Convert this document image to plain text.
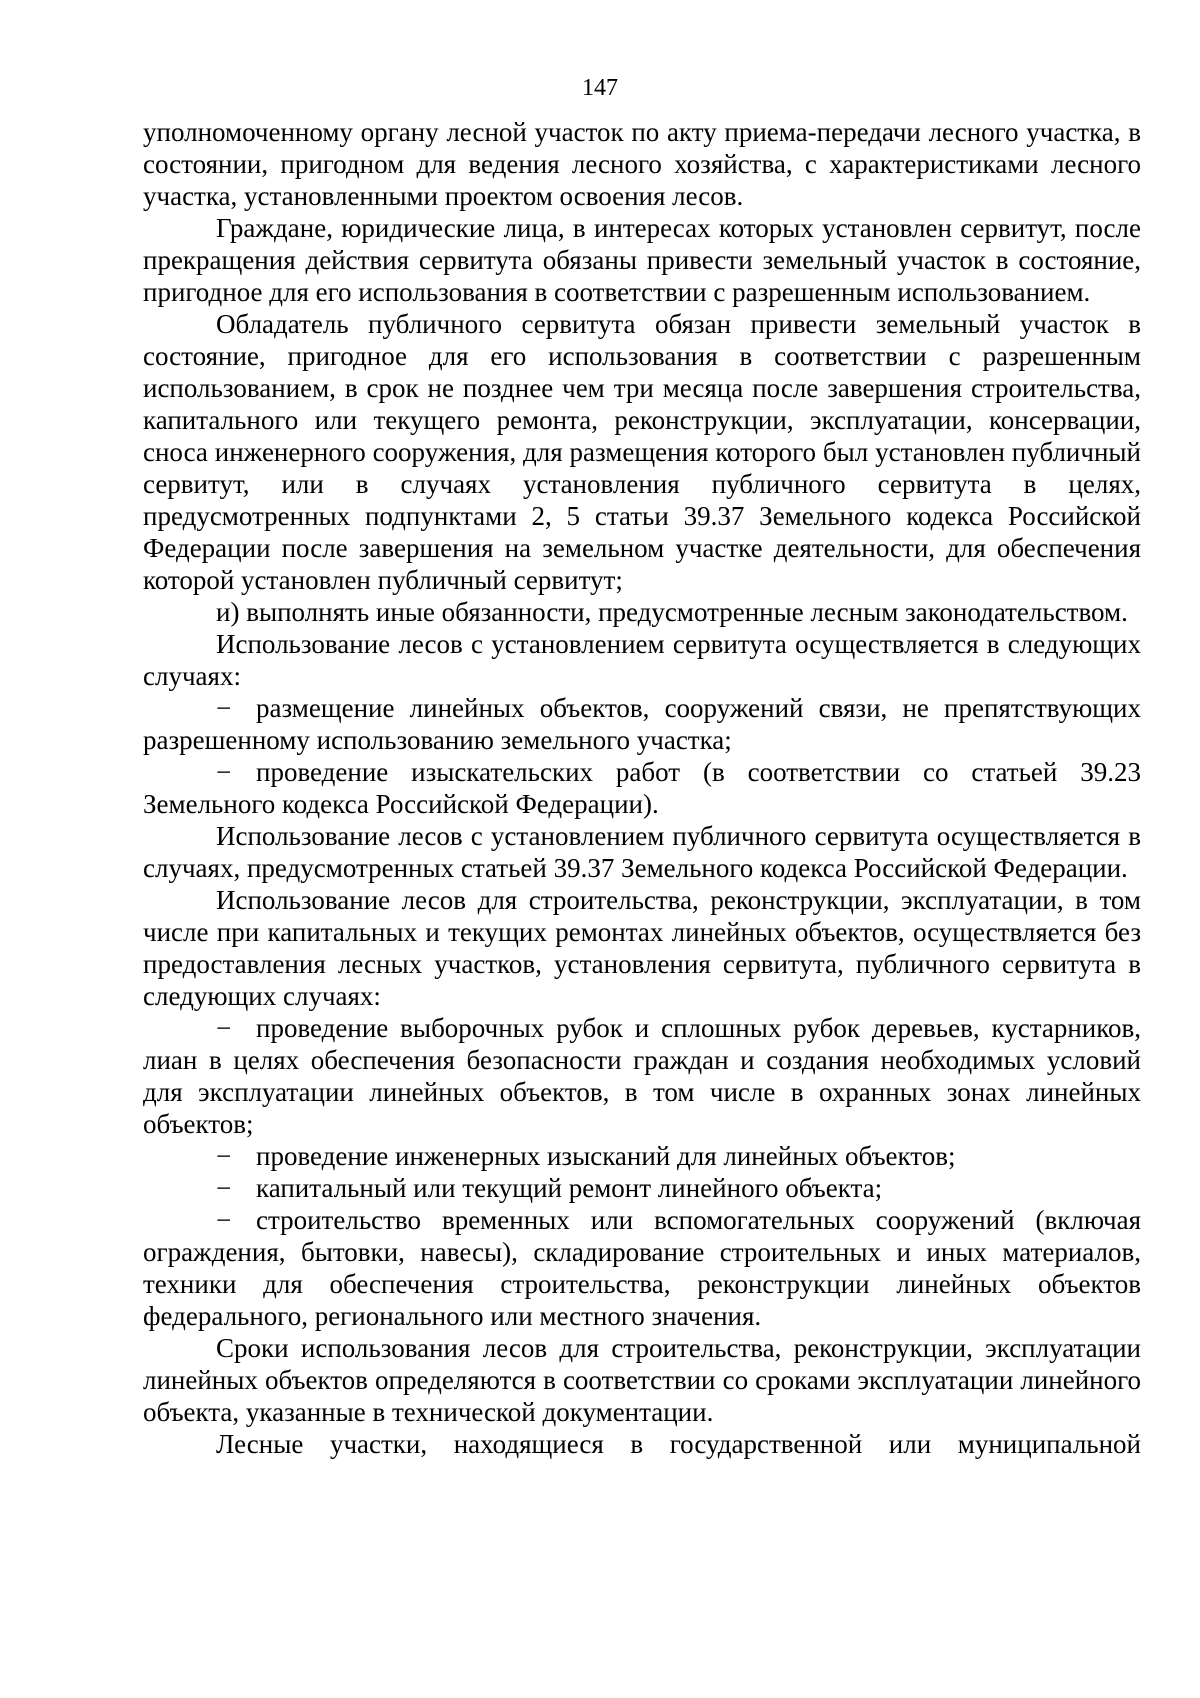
147

уполномоченному органу лесной участок по акту приема-передачи лесного участка, в состоянии, пригодном для ведения лесного хозяйства, с характеристиками лесного участка, установленными проектом освоения лесов.

Граждане, юридические лица, в интересах которых установлен сервитут, после прекращения действия сервитута обязаны привести земельный участок в состояние, пригодное для его использования в соответствии с разрешенным использованием.

Обладатель публичного сервитута обязан привести земельный участок в состояние, пригодное для его использования в соответствии с разрешенным использованием, в срок не позднее чем три месяца после завершения строительства, капитального или текущего ремонта, реконструкции, эксплуатации, консервации, сноса инженерного сооружения, для размещения которого был установлен публичный сервитут, или в случаях установления публичного сервитута в целях, предусмотренных подпунктами 2, 5 статьи 39.37 Земельного кодекса Российской Федерации после завершения на земельном участке деятельности, для обеспечения которой установлен публичный сервитут;

и) выполнять иные обязанности, предусмотренные лесным законодательством.

Использование лесов с установлением сервитута осуществляется в следующих случаях:

− размещение линейных объектов, сооружений связи, не препятствующих разрешенному использованию земельного участка;

− проведение изыскательских работ (в соответствии со статьей 39.23 Земельного кодекса Российской Федерации).

Использование лесов с установлением публичного сервитута осуществляется в случаях, предусмотренных статьей 39.37 Земельного кодекса Российской Федерации.

Использование лесов для строительства, реконструкции, эксплуатации, в том числе при капитальных и текущих ремонтах линейных объектов, осуществляется без предоставления лесных участков, установления сервитута, публичного сервитута в следующих случаях:

− проведение выборочных рубок и сплошных рубок деревьев, кустарников, лиан в целях обеспечения безопасности граждан и создания необходимых условий для эксплуатации линейных объектов, в том числе в охранных зонах линейных объектов;

− проведение инженерных изысканий для линейных объектов;

− капитальный или текущий ремонт линейного объекта;

− строительство временных или вспомогательных сооружений (включая ограждения, бытовки, навесы), складирование строительных и иных материалов, техники для обеспечения строительства, реконструкции линейных объектов федерального, регионального или местного значения.

Сроки использования лесов для строительства, реконструкции, эксплуатации линейных объектов определяются в соответствии со сроками эксплуатации линейного объекта, указанные в технической документации.

Лесные участки, находящиеся в государственной или муниципальной
